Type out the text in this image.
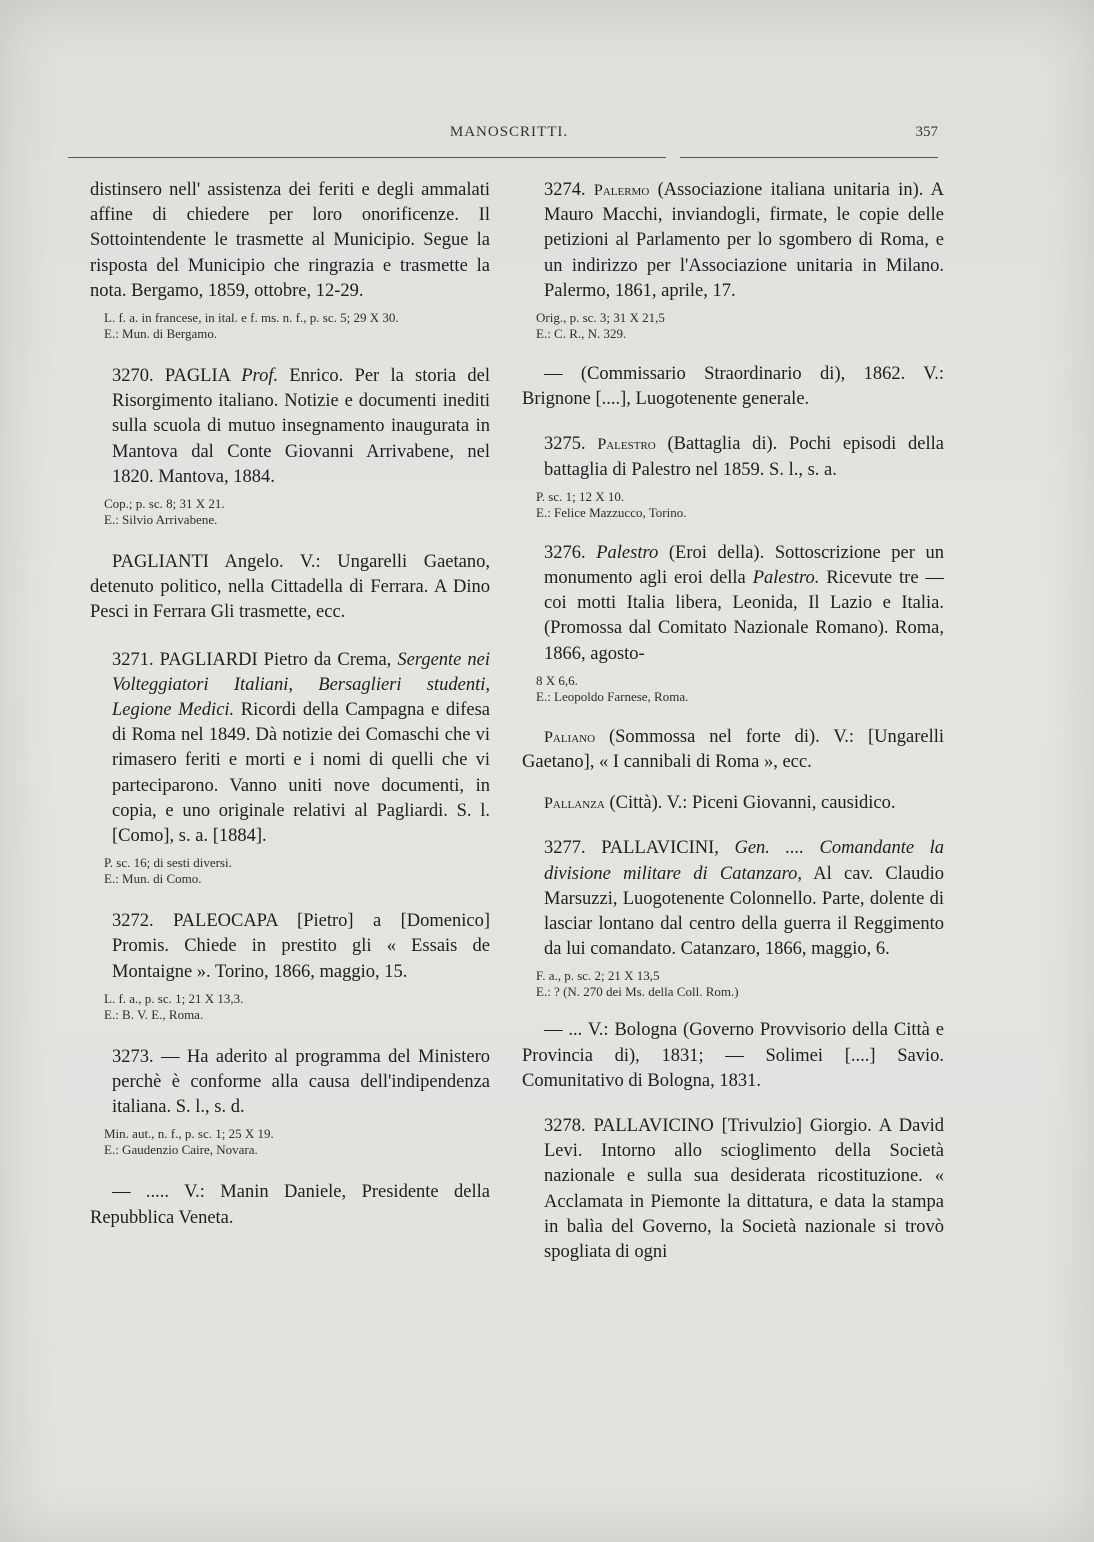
MANOSCRITTI.	357

distinsero nell' assistenza dei feriti e degli ammalati affine di chiedere per loro onorificenze. Il Sottointendente le trasmette al Municipio. Segue la risposta del Municipio che ringrazia e trasmette la nota. Bergamo, 1859, ottobre, 12-29.

L. f. a. in francese, in ital. e f. ms. n. f., p. sc. 5; 29 X 30.
E.: Mun. di Bergamo.

3270. PAGLIA Prof. Enrico. Per la storia del Risorgimento italiano. Notizie e documenti inediti sulla scuola di mutuo insegnamento inaugurata in Mantova dal Conte Giovanni Arrivabene, nel 1820. Mantova, 1884.

Cop.; p. sc. 8; 31 X 21.
E.: Silvio Arrivabene.

PAGLIANTI Angelo. V.: Ungarelli Gaetano, detenuto politico, nella Cittadella di Ferrara. A Dino Pesci in Ferrara Gli trasmette, ecc.

3271. PAGLIARDI Pietro da Crema, Sergente nei Volteggiatori Italiani, Bersaglieri studenti, Legione Medici. Ricordi della Campagna e difesa di Roma nel 1849. Dà notizie dei Comaschi che vi rimasero feriti e morti e i nomi di quelli che vi parteciparono. Vanno uniti nove documenti, in copia, e uno originale relativi al Pagliardi. S. l. [Como], s. a. [1884].

P. sc. 16; di sesti diversi.
E.: Mun. di Como.

3272. PALEOCAPA [Pietro] a [Domenico] Promis. Chiede in prestito gli « Essais de Montaigne ». Torino, 1866, maggio, 15.

L. f. a., p. sc. 1; 21 X 13,3.
E.: B. V. E., Roma.

3273. — Ha aderito al programma del Ministero perchè è conforme alla causa dell'indipendenza italiana. S. l., s. d.

Min. aut., n. f., p. sc. 1; 25 X 19.
E.: Gaudenzio Caire, Novara.

— ..... V.: Manin Daniele, Presidente della Repubblica Veneta.

3274. Palermo (Associazione italiana unitaria in). A Mauro Macchi, inviandogli, firmate, le copie delle petizioni al Parlamento per lo sgombero di Roma, e un indirizzo per l'Associazione unitaria in Milano. Palermo, 1861, aprile, 17.

Orig., p. sc. 3; 31 X 21,5
E.: C. R., N. 329.

— (Commissario Straordinario di), 1862. V.: Brignone [....], Luogotenente generale.

3275. Palestro (Battaglia di). Pochi episodi della battaglia di Palestro nel 1859. S. l., s. a.

P. sc. 1; 12 X 10.
E.: Felice Mazzucco, Torino.

3276. Palestro (Eroi della). Sottoscrizione per un monumento agli eroi della Palestro. Ricevute tre — coi motti Italia libera, Leonida, Il Lazio e Italia. (Promossa dal Comitato Nazionale Romano). Roma, 1866, agosto-

8 X 6,6.
E.: Leopoldo Farnese, Roma.

Paliano (Sommossa nel forte di). V.: [Ungarelli Gaetano], « I cannibali di Roma », ecc.

Pallanza (Città). V.: Piceni Giovanni, causidico.

3277. PALLAVICINI, Gen. .... Comandante la divisione militare di Catanzaro, Al cav. Claudio Marsuzzi, Luogotenente Colonnello. Parte, dolente di lasciar lontano dal centro della guerra il Reggimento da lui comandato. Catanzaro, 1866, maggio, 6.

F. a., p. sc. 2; 21 X 13,5
E.: ? (N. 270 dei Ms. della Coll. Rom.)

— ... V.: Bologna (Governo Provvisorio della Città e Provincia di), 1831; — Solimei [....] Savio. Comunitativo di Bologna, 1831.

3278. PALLAVICINO [Trivulzio] Giorgio. A David Levi. Intorno allo scioglimento della Società nazionale e sulla sua desiderata ricostituzione. « Acclamata in Piemonte la dittatura, e data la stampa in balìa del Governo, la Società nazionale si trovò spogliata di ogni
